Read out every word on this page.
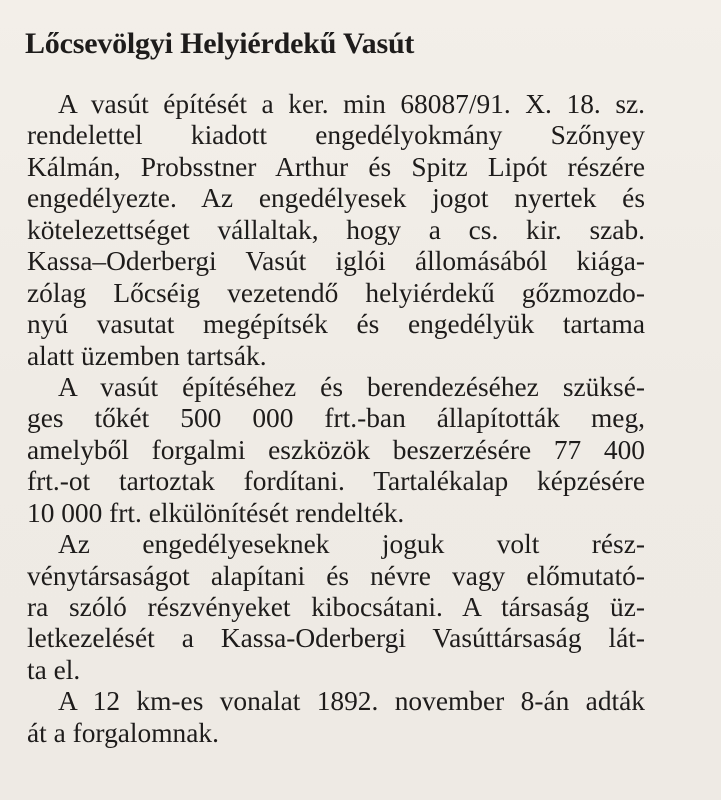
Lőcsevölgyi Helyiérdekű Vasút

A vasút építését a ker. min 68087/91. X. 18. sz.
rendelettel kiadott engedélyokmány Szőnyey
Kálmán, Probsstner Arthur és Spitz Lipót részére
engedélyezte. Az engedélyesek jogot nyertek és
kötelezettséget vállaltak, hogy a cs. kir. szab.
Kassa–Oderbergi Vasút iglói állomásából kiága-
zólag Lőcséig vezetendő helyiérdekű gőzmozdo-
nyú vasutat megépítsék és engedélyük tartama
alatt üzemben tartsák.

A vasút építéséhez és berendezéséhez szüksé-
ges tőkét 500 000 frt.-ban állapították meg,
amelyből forgalmi eszközök beszerzésére 77 400
frt.-ot tartoztak fordítani. Tartalékalap képzésére
10 000 frt. elkülönítését rendelték.

Az engedélyeseknek joguk volt rész-
vénytársaságot alapítani és névre vagy előmutató-
ra szóló részvényeket kibocsátani. A társaság üz-
letkezelését a Kassa-Oderbergi Vasúttársaság lát-
ta el.

A 12 km-es vonalat 1892. november 8-án adták
át a forgalomnak.
